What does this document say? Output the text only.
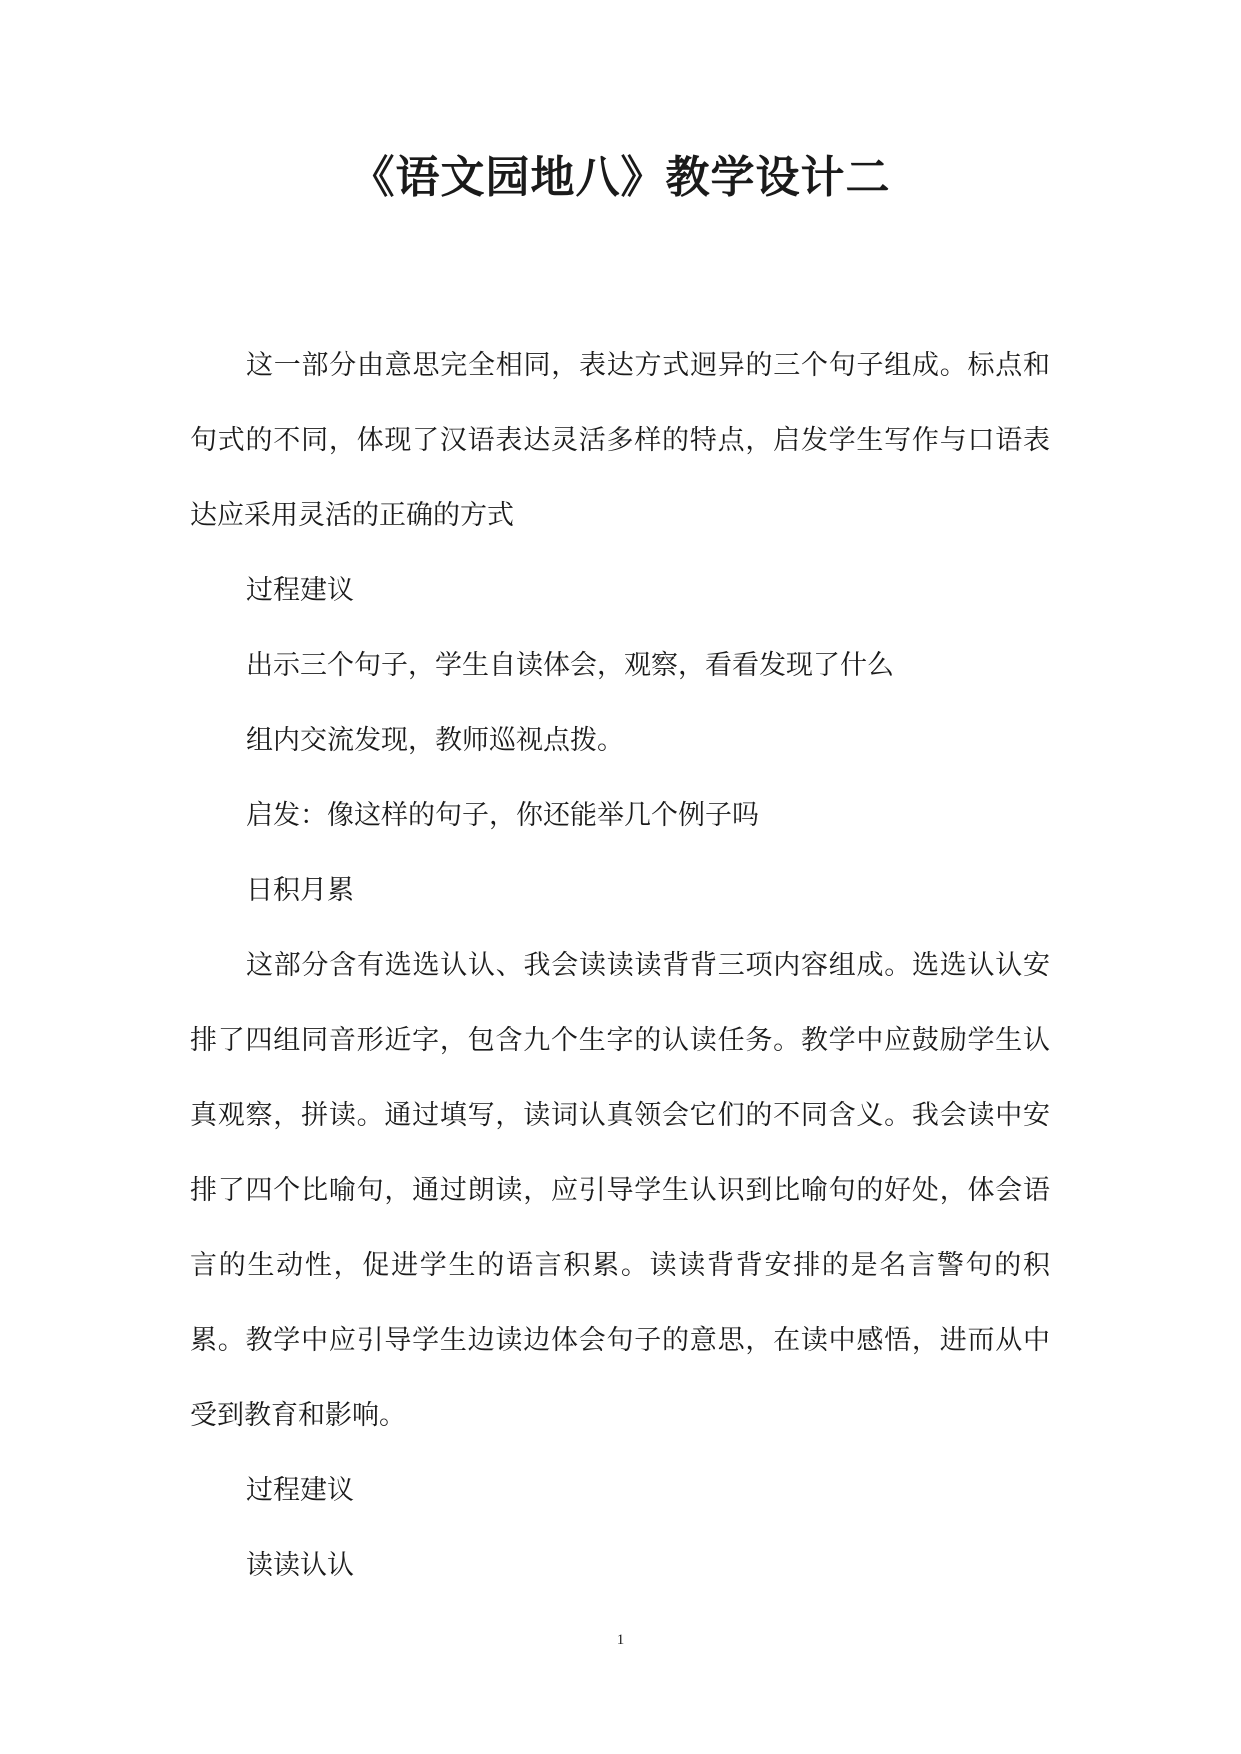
《语文园地八》教学设计二

这一部分由意思完全相同，表达方式迥异的三个句子组成。标点和句式的不同，体现了汉语表达灵活多样的特点，启发学生写作与口语表达应采用灵活的正确的方式

过程建议

出示三个句子，学生自读体会，观察，看看发现了什么

组内交流发现，教师巡视点拨。

启发：像这样的句子，你还能举几个例子吗

日积月累

这部分含有选选认认、我会读读读背背三项内容组成。选选认认安排了四组同音形近字，包含九个生字的认读任务。教学中应鼓励学生认真观察，拼读。通过填写，读词认真领会它们的不同含义。我会读中安排了四个比喻句，通过朗读，应引导学生认识到比喻句的好处，体会语言的生动性，促进学生的语言积累。读读背背安排的是名言警句的积累。教学中应引导学生边读边体会句子的意思，在读中感悟，进而从中受到教育和影响。

过程建议

读读认认

1
